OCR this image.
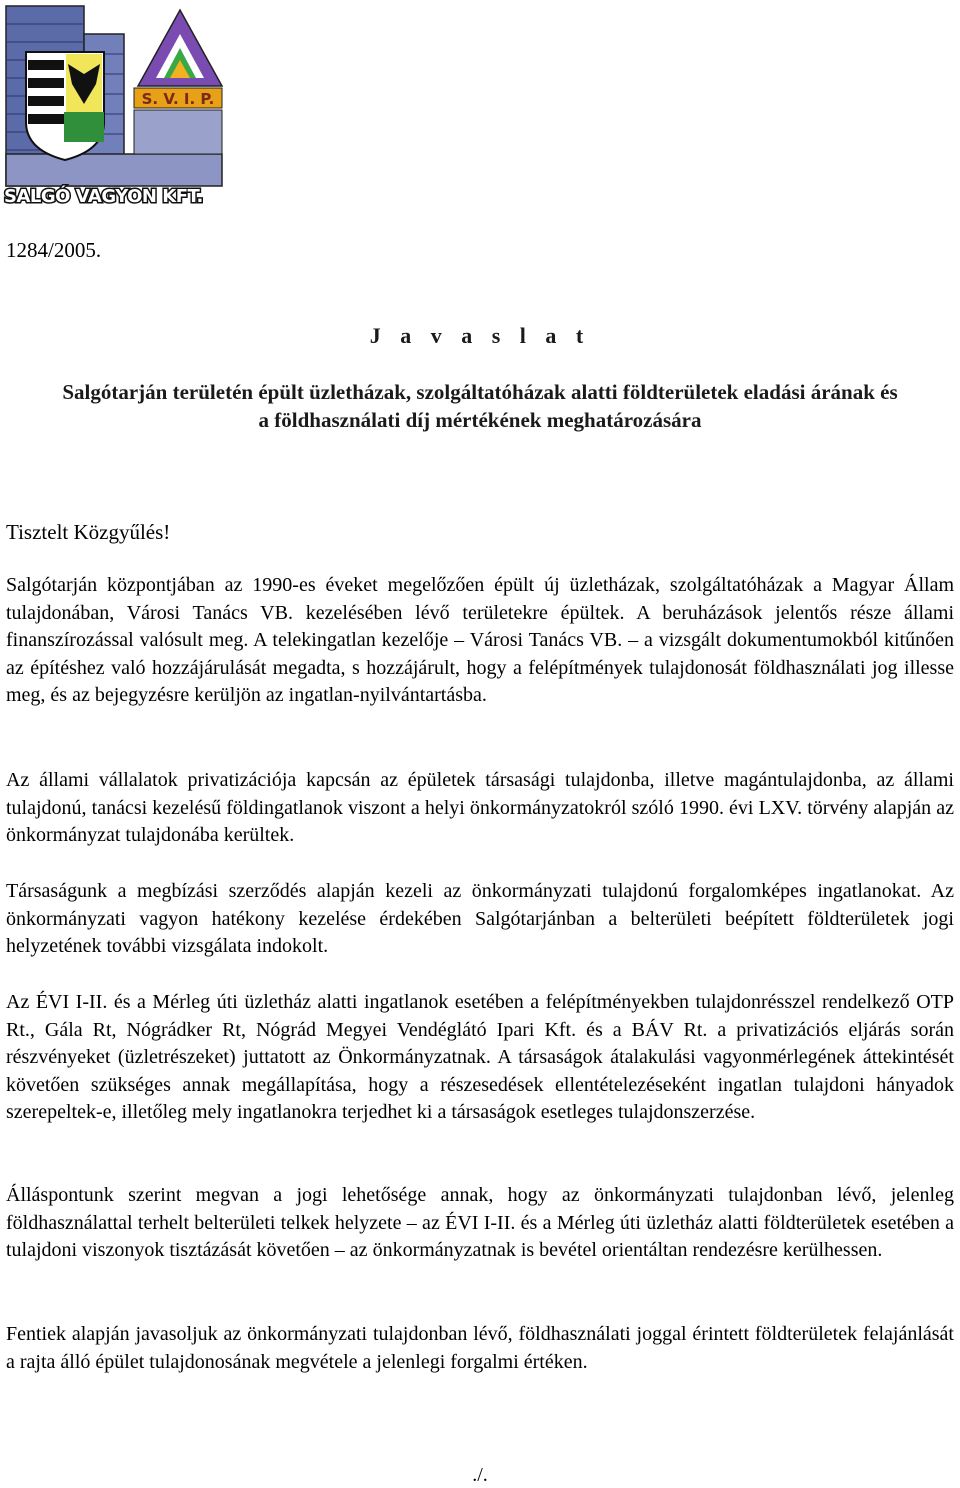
S. V. I. P.
SALGÓ VAGYON KFT.
1284/2005.
J a v a s l a t
Salgótarján területén épült üzletházak, szolgáltatóházak alatti földterületek eladási árának és a földhasználati díj mértékének meghatározására
Tisztelt Közgyűlés!

Salgótarján központjában az 1990-es éveket megelőzően épült új üzletházak, szolgáltatóházak a Magyar Állam tulajdonában, Városi Tanács VB. kezelésében lévő területekre épültek. A beruházások jelentős része állami finanszírozással valósult meg. A telekingatlan kezelője – Városi Tanács VB. – a vizsgált dokumentumokból kitűnően az építéshez való hozzájárulását megadta, s hozzájárult, hogy a felépítmények tulajdonosát földhasználati jog illesse meg, és az bejegyzésre kerüljön az ingatlan-nyilvántartásba.

Az állami vállalatok privatizációja kapcsán az épületek társasági tulajdonba, illetve magántulajdonba, az állami tulajdonú, tanácsi kezelésű földingatlanok viszont a helyi önkormányzatokról szóló 1990. évi LXV. törvény alapján az önkormányzat tulajdonába kerültek.

Társaságunk a megbízási szerződés alapján kezeli az önkormányzati tulajdonú forgalomképes ingatlanokat. Az önkormányzati vagyon hatékony kezelése érdekében Salgótarjánban a belterületi beépített földterületek jogi helyzetének további vizsgálata indokolt.

Az ÉVI I-II. és a Mérleg úti üzletház alatti ingatlanok esetében a felépítményekben tulajdonrésszel rendelkező OTP Rt., Gála Rt, Nógrádker Rt, Nógrád Megyei Vendéglátó Ipari Kft. és a BÁV Rt. a privatizációs eljárás során részvényeket (üzletrészeket) juttatott az Önkormányzatnak. A társaságok átalakulási vagyonmérlegének áttekintését követően szükséges annak megállapítása, hogy a részesedések ellentételezéseként ingatlan tulajdoni hányadok szerepeltek-e, illetőleg mely ingatlanokra terjedhet ki a társaságok esetleges tulajdonszerzése.

Álláspontunk szerint megvan a jogi lehetősége annak, hogy az önkormányzati tulajdonban lévő, jelenleg földhasználattal terhelt belterületi telkek helyzete – az ÉVI I-II. és a Mérleg úti üzletház alatti földterületek esetében a tulajdoni viszonyok tisztázását követően – az önkormányzatnak is bevétel orientáltan rendezésre kerülhessen.

Fentiek alapján javasoljuk az önkormányzati tulajdonban lévő, földhasználati joggal érintett földterületek felajánlását a rajta álló épület tulajdonosának megvétele a jelenlegi forgalmi értéken.

./.
